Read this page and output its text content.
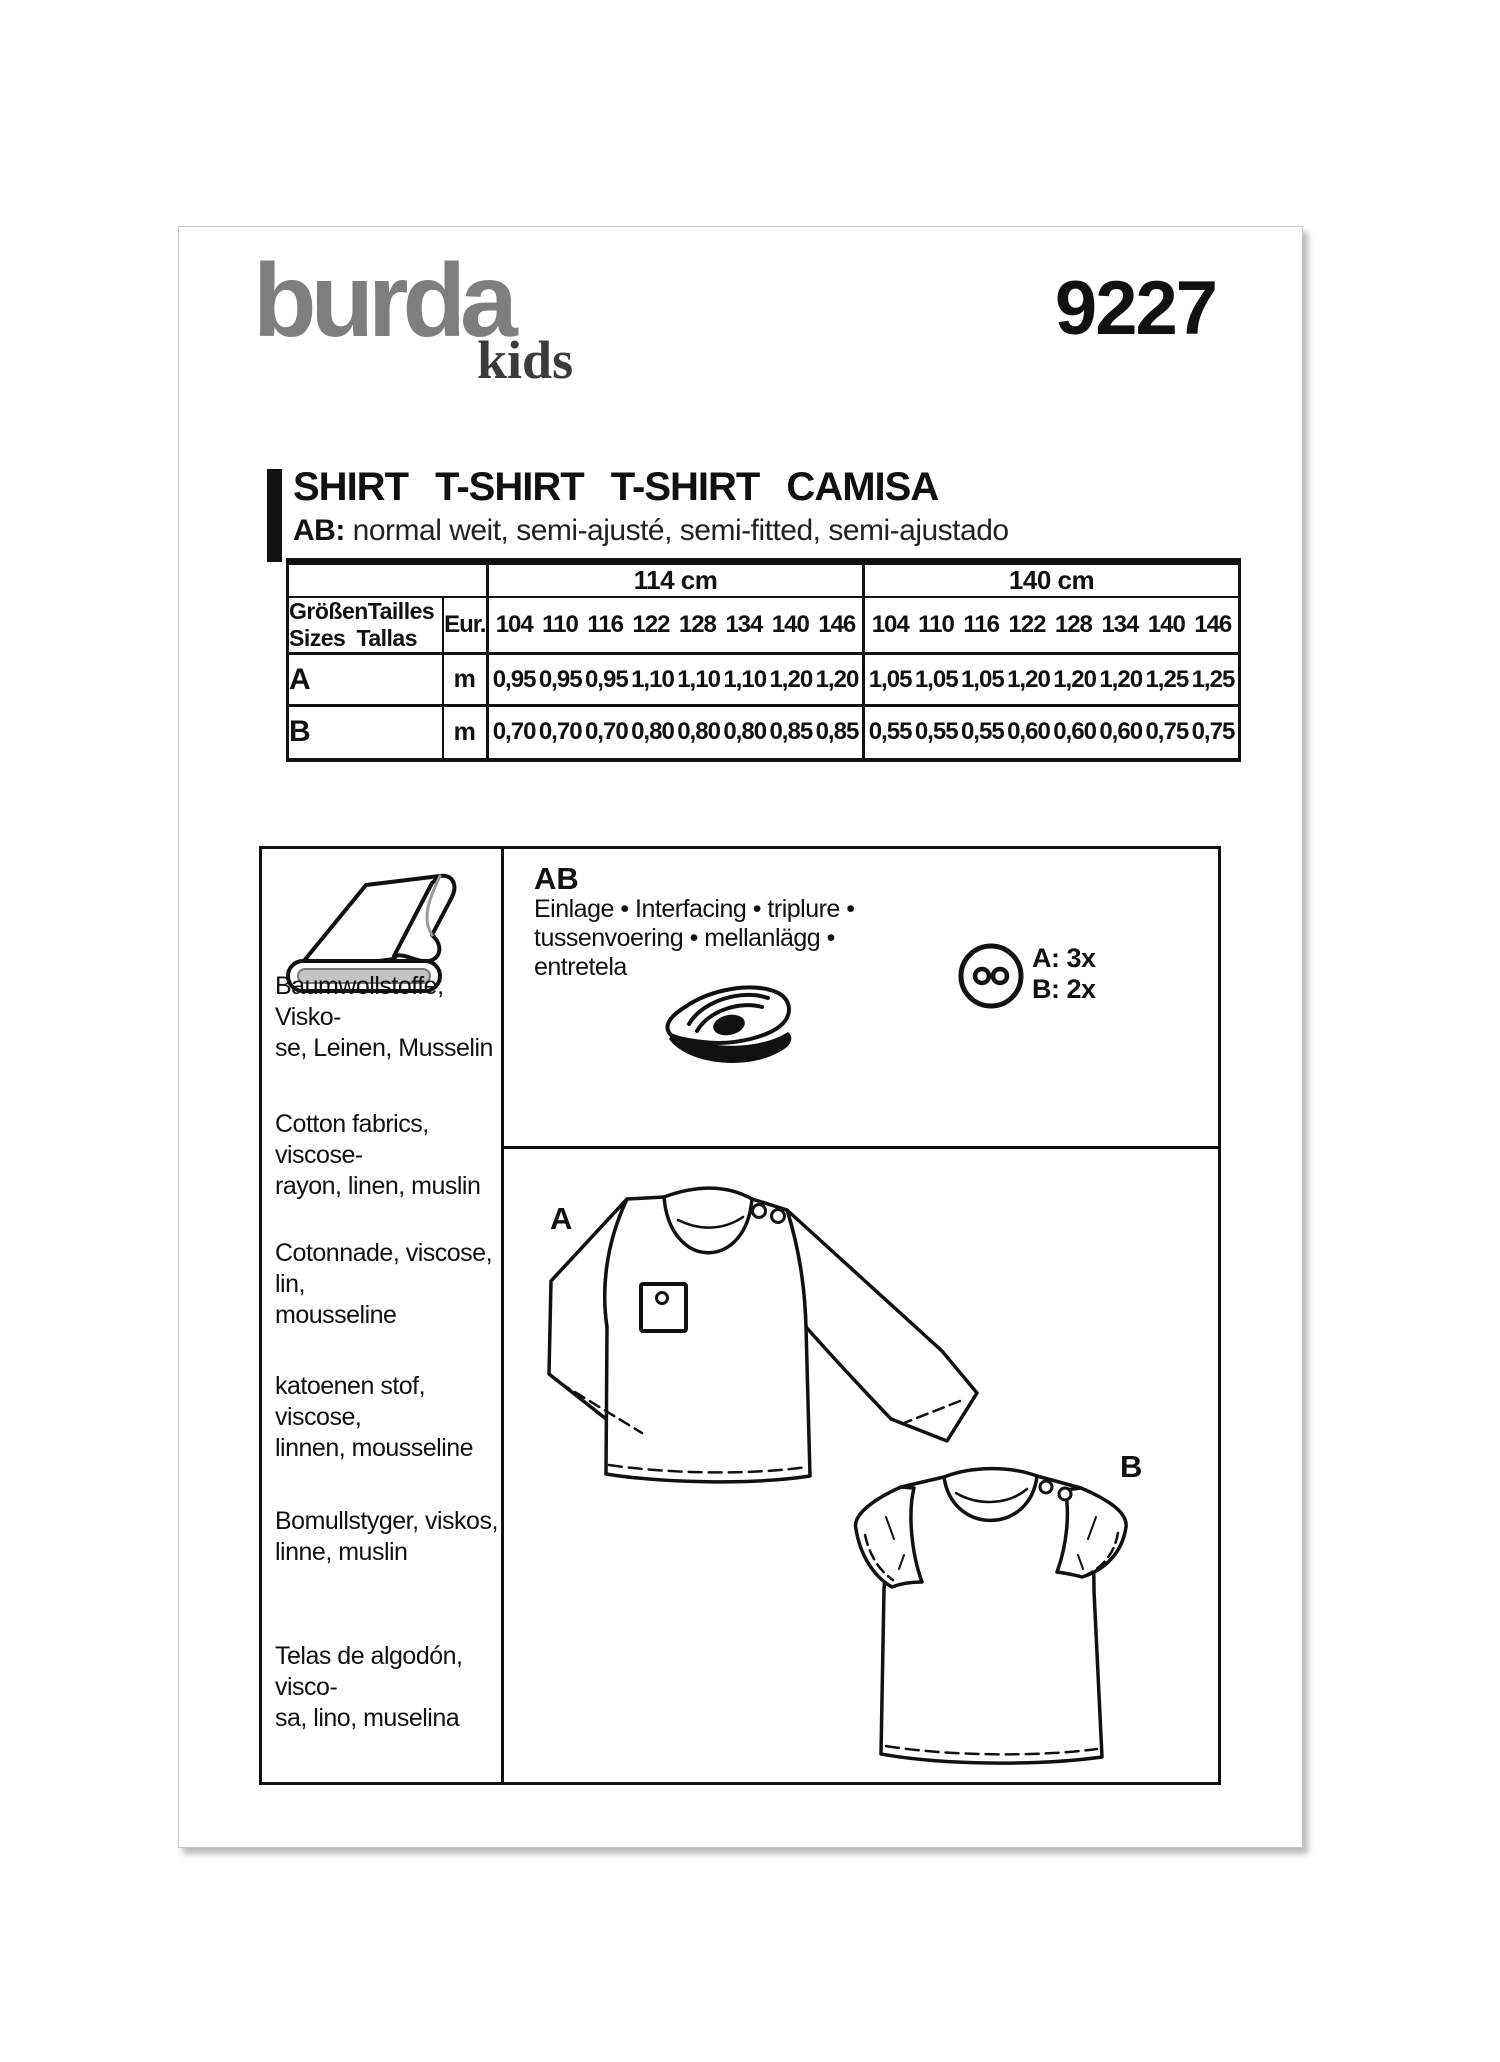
burda
kids
9227
SHIRT T-SHIRT T-SHIRT CAMISA
AB: normal weit, semi-ajusté, semi-fitted, semi-ajustado
		114 cm	140 cm

Größen Tailles
Sizes Tallas	Eur.	104 110 116 122 128 134 140 146	104 110 116 122 128 134 140 146

A	m	0,95 0,95 0,95 1,10 1,10 1,10 1,20 1,20	1,05 1,05 1,05 1,20 1,20 1,20 1,25 1,25

B	m	0,70 0,70 0,70 0,80 0,80 0,80 0,85 0,85	0,55 0,55 0,55 0,60 0,60 0,60 0,75 0,75
Baumwollstoffe, Visko-
se, Leinen, Musselin
Cotton fabrics, viscose-
rayon, linen, muslin
Cotonnade, viscose, lin,
mousseline
katoenen stof, viscose,
linnen, mousseline
Bomullstyger, viskos,
linne, muslin
Telas de algodón, visco-
sa, lino, muselina
AB
Einlage • Interfacing • triplure •
tussenvoering • mellanlägg •
entretela	A: 3x
B: 2x
A
B
